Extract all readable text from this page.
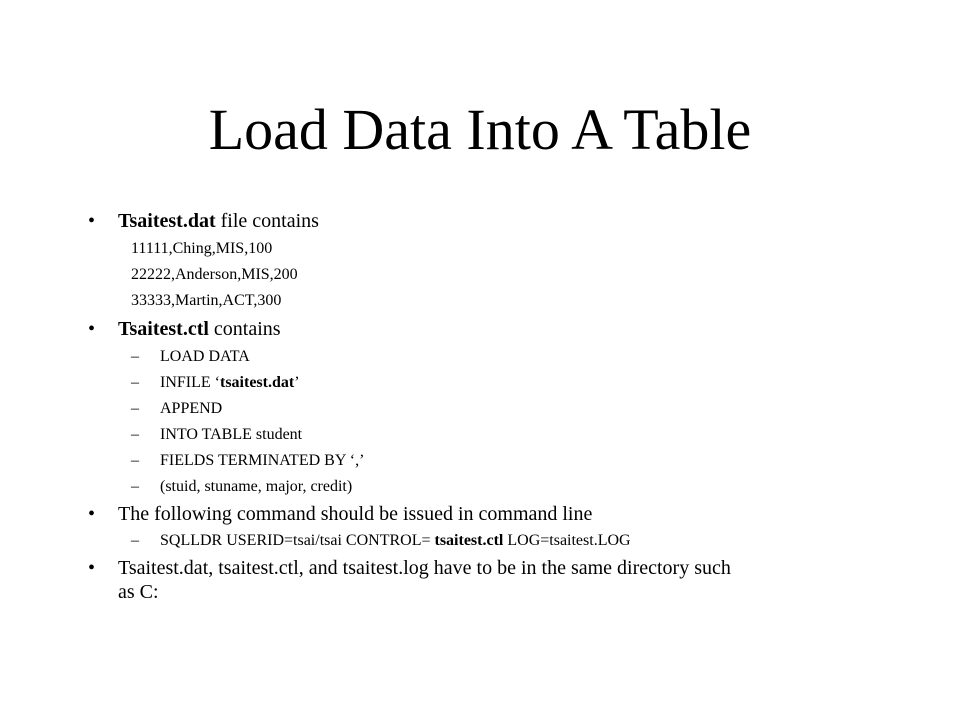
Load Data Into A Table
• Tsaitest.dat file contains
11111,Ching,MIS,100
22222,Anderson,MIS,200
33333,Martin,ACT,300
• Tsaitest.ctl contains
– LOAD DATA
– INFILE ‘tsaitest.dat’
– APPEND
– INTO TABLE student
– FIELDS TERMINATED BY ‘,’
– (stuid, stuname, major, credit)
• The following command should be issued in command line
– SQLLDR USERID=tsai/tsai CONTROL= tsaitest.ctl LOG=tsaitest.LOG
• Tsaitest.dat, tsaitest.ctl, and tsaitest.log have to be in the same directory such
as C:
